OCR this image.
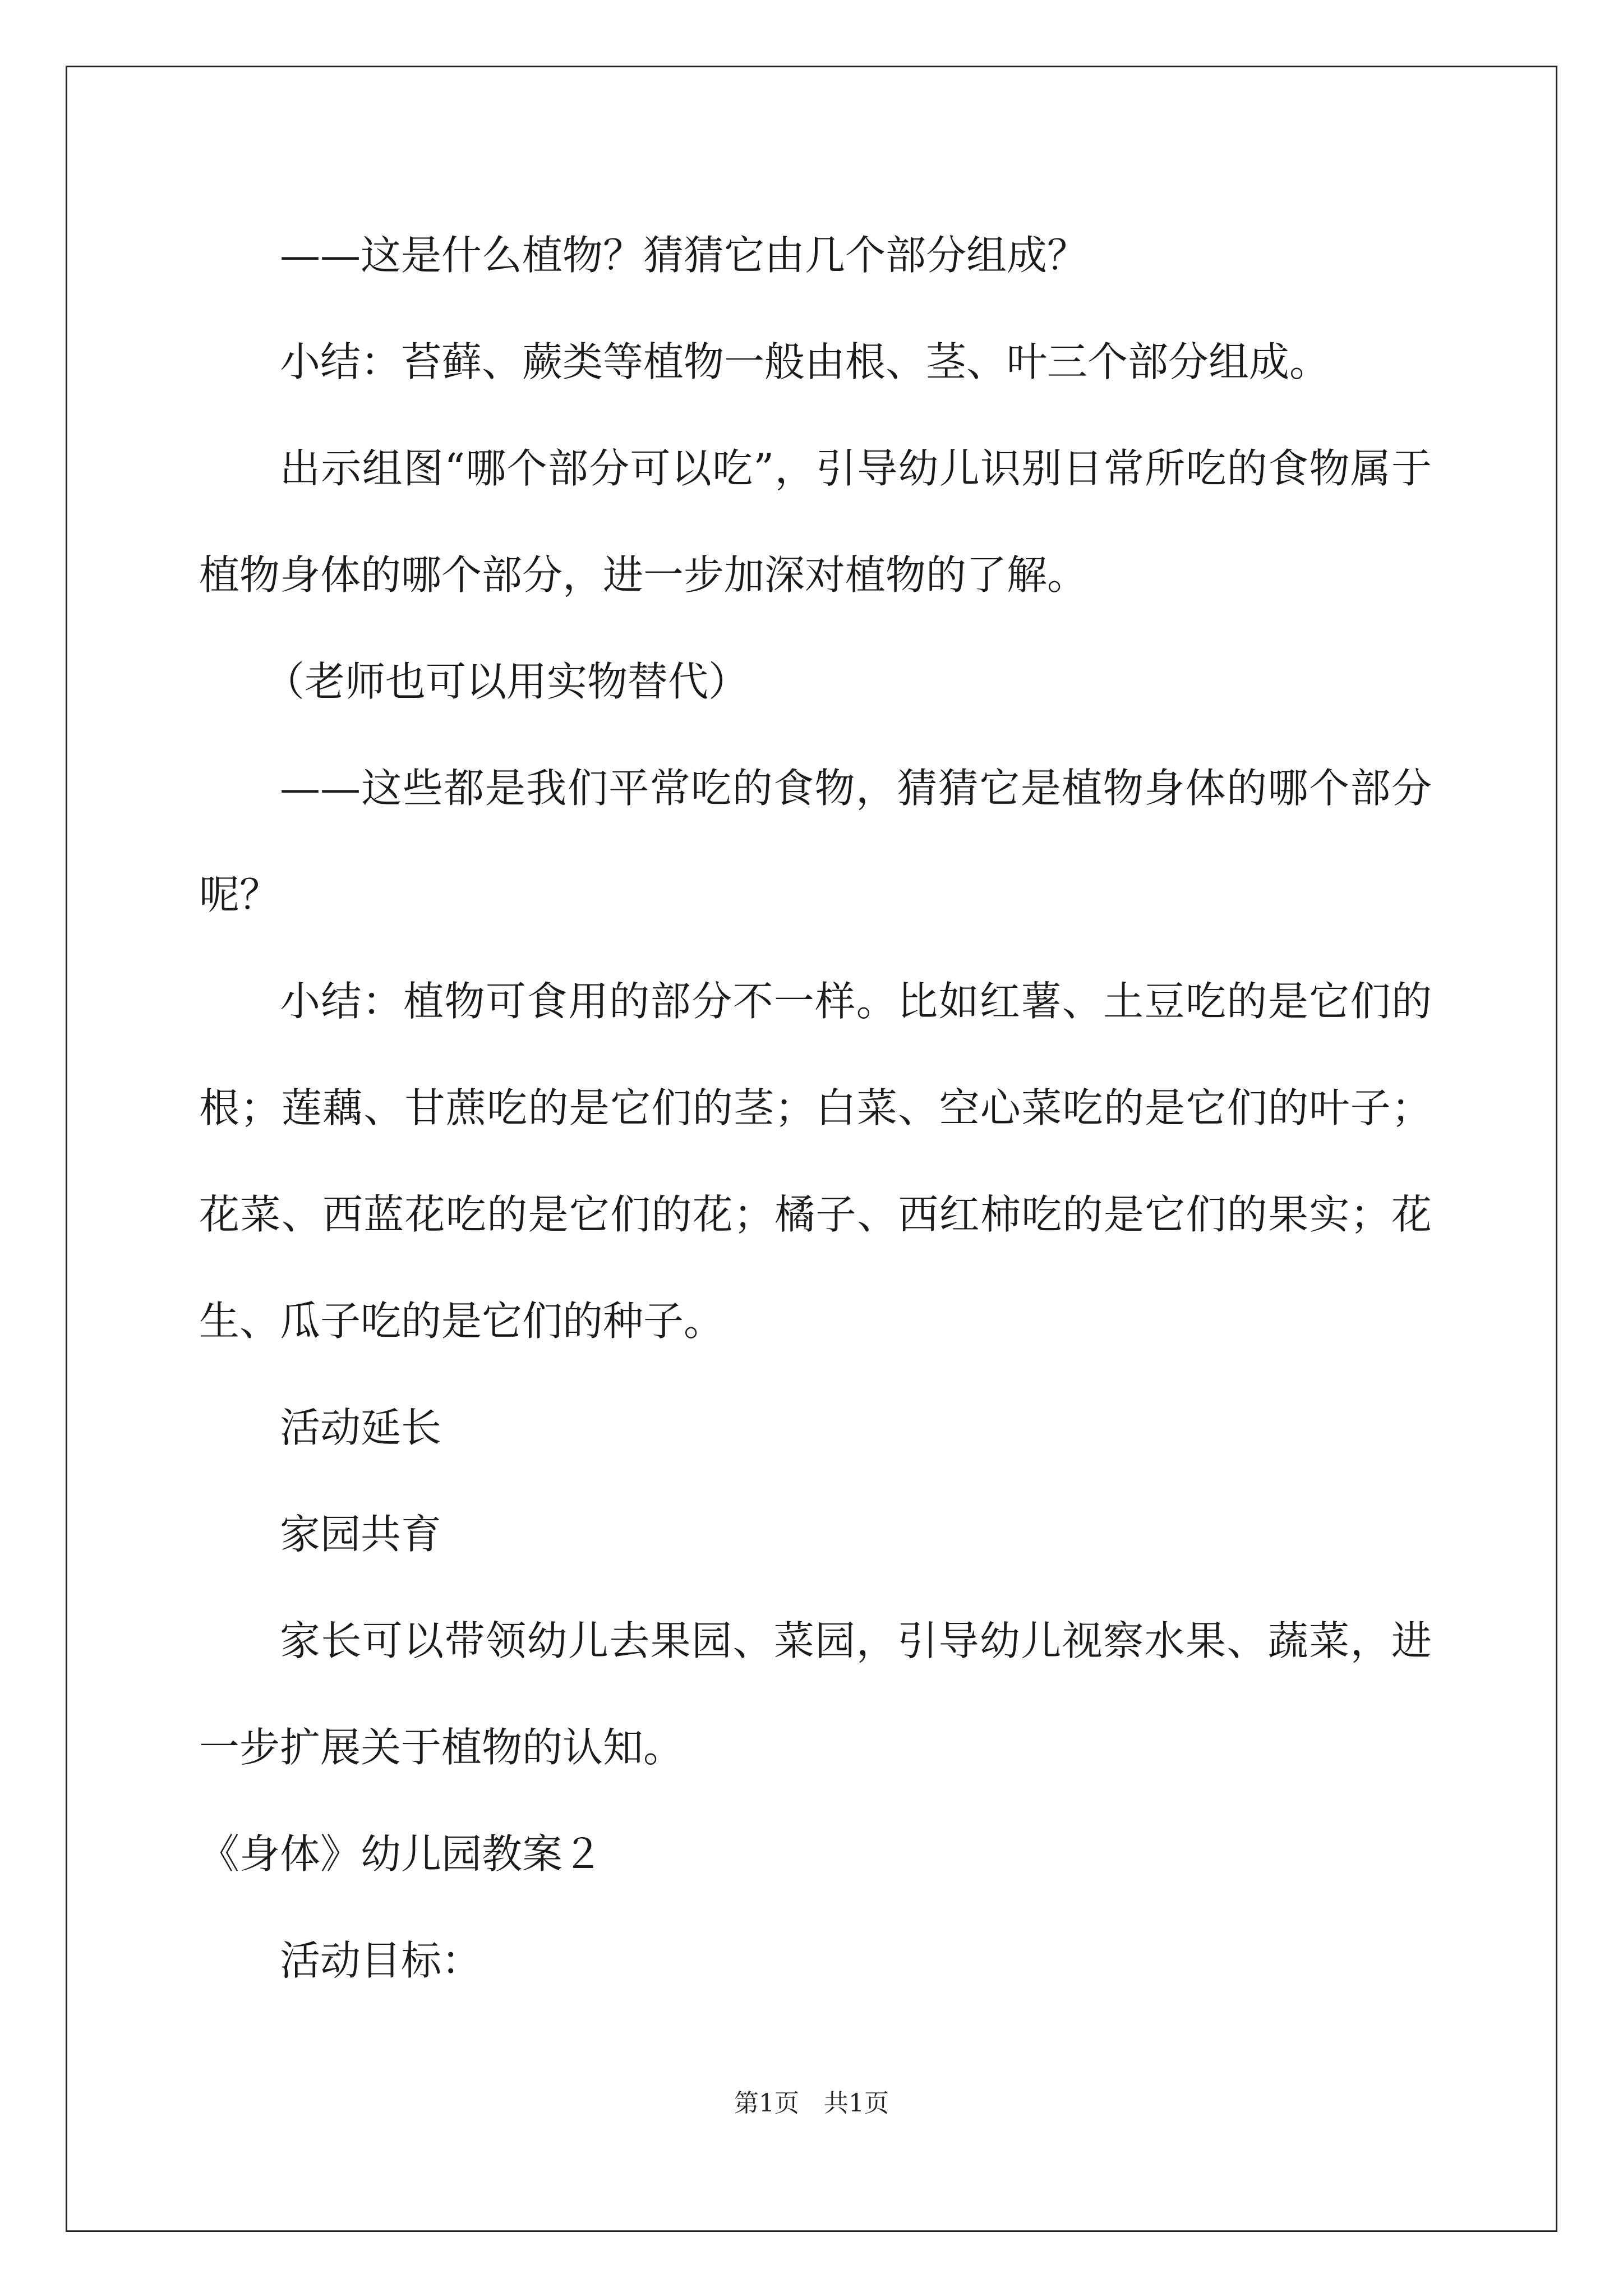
——这是什么植物？猜猜它由几个部分组成？

小结：苔藓、蕨类等植物一般由根、茎、叶三个部分组成。

出示组图“哪个部分可以吃”，引导幼儿识别日常所吃的食物属于植物身体的哪个部分，进一步加深对植物的了解。

（老师也可以用实物替代）

——这些都是我们平常吃的食物，猜猜它是植物身体的哪个部分呢？

小结：植物可食用的部分不一样。比如红薯、土豆吃的是它们的根；莲藕、甘蔗吃的是它们的茎；白菜、空心菜吃的是它们的叶子；花菜、西蓝花吃的是它们的花；橘子、西红柿吃的是它们的果实；花生、瓜子吃的是它们的种子。

活动延长

家园共育

家长可以带领幼儿去果园、菜园，引导幼儿视察水果、蔬菜，进一步扩展关于植物的认知。

《身体》幼儿园教案２

活动目标：

第1页 共1页
